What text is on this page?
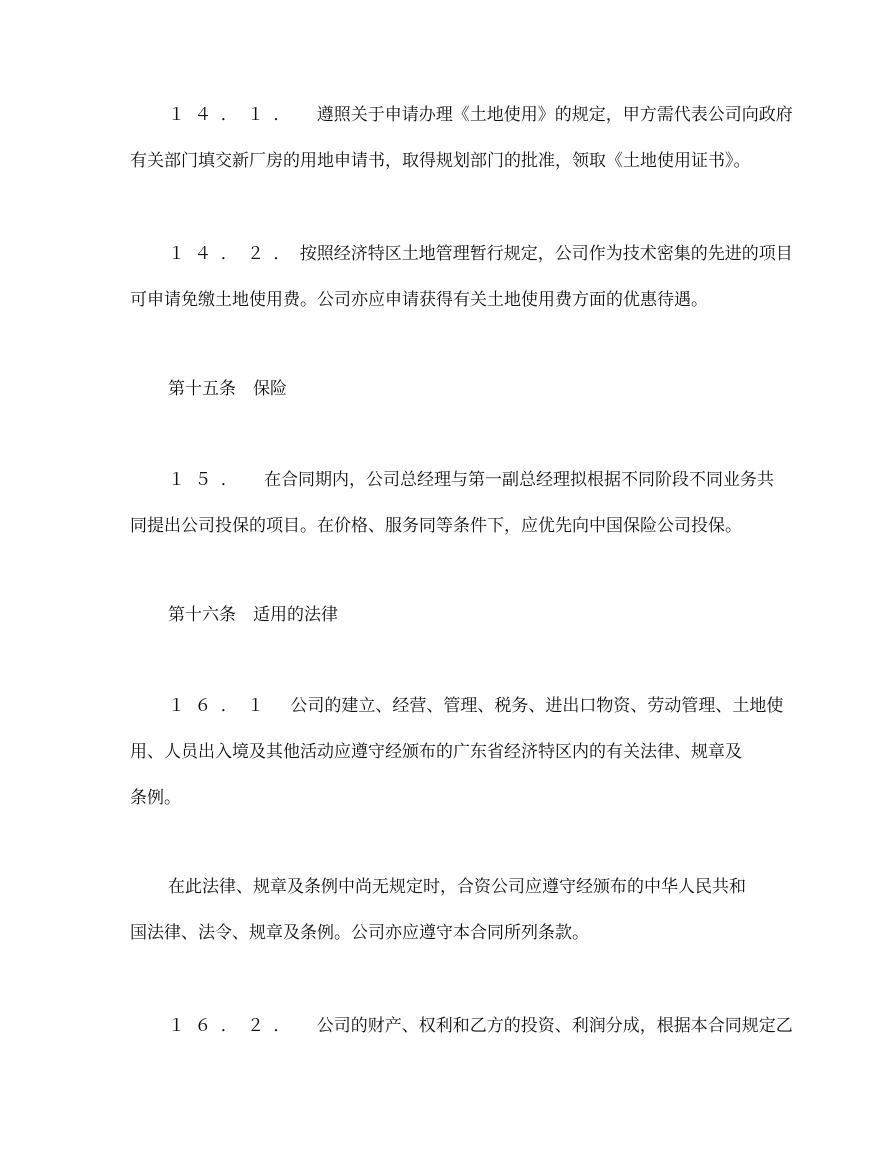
１４．１． 遵照关于申请办理《土地使用》的规定，甲方需代表公司向政府
有关部门填交新厂房的用地申请书，取得规划部门的批准，领取《土地使用证书》。
１４．２．按照经济特区土地管理暂行规定，公司作为技术密集的先进的项目
可申请免缴土地使用费。公司亦应申请获得有关土地使用费方面的优惠待遇。
第十五条 保险
１５． 在合同期内，公司总经理与第一副总经理拟根据不同阶段不同业务共
同提出公司投保的项目。在价格、服务同等条件下，应优先向中国保险公司投保。
第十六条 适用的法律
１６．１ 公司的建立、经营、管理、税务、进出口物资、劳动管理、土地使
用、人员出入境及其他活动应遵守经颁布的广东省经济特区内的有关法律、规章及
条例。
在此法律、规章及条例中尚无规定时，合资公司应遵守经颁布的中华人民共和
国法律、法令、规章及条例。公司亦应遵守本合同所列条款。
１６．２． 公司的财产、权利和乙方的投资、利润分成，根据本合同规定乙
